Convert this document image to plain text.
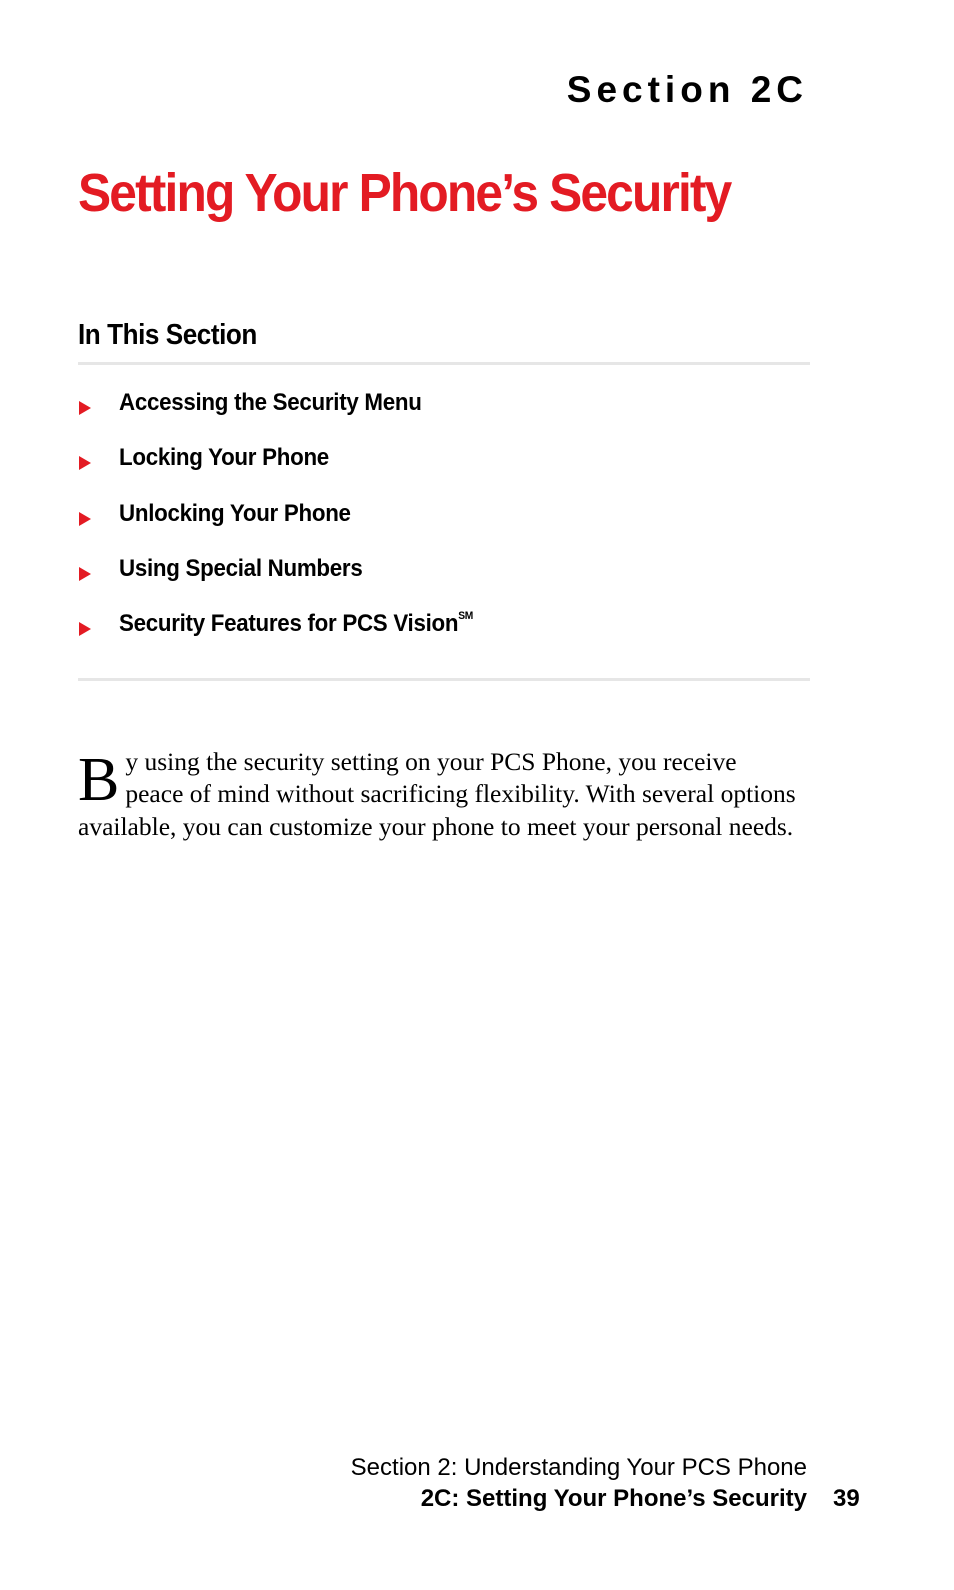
Section 2C
Setting Your Phone’s Security
In This Section
Accessing the Security Menu
Locking Your Phone
Unlocking Your Phone
Using Special Numbers
Security Features for PCS Vision℠

By using the security setting on your PCS Phone, you receive peace of mind without sacrificing flexibility. With several options available, you can customize your phone to meet your personal needs.

Section 2: Understanding Your PCS Phone
2C: Setting Your Phone’s Security 39
